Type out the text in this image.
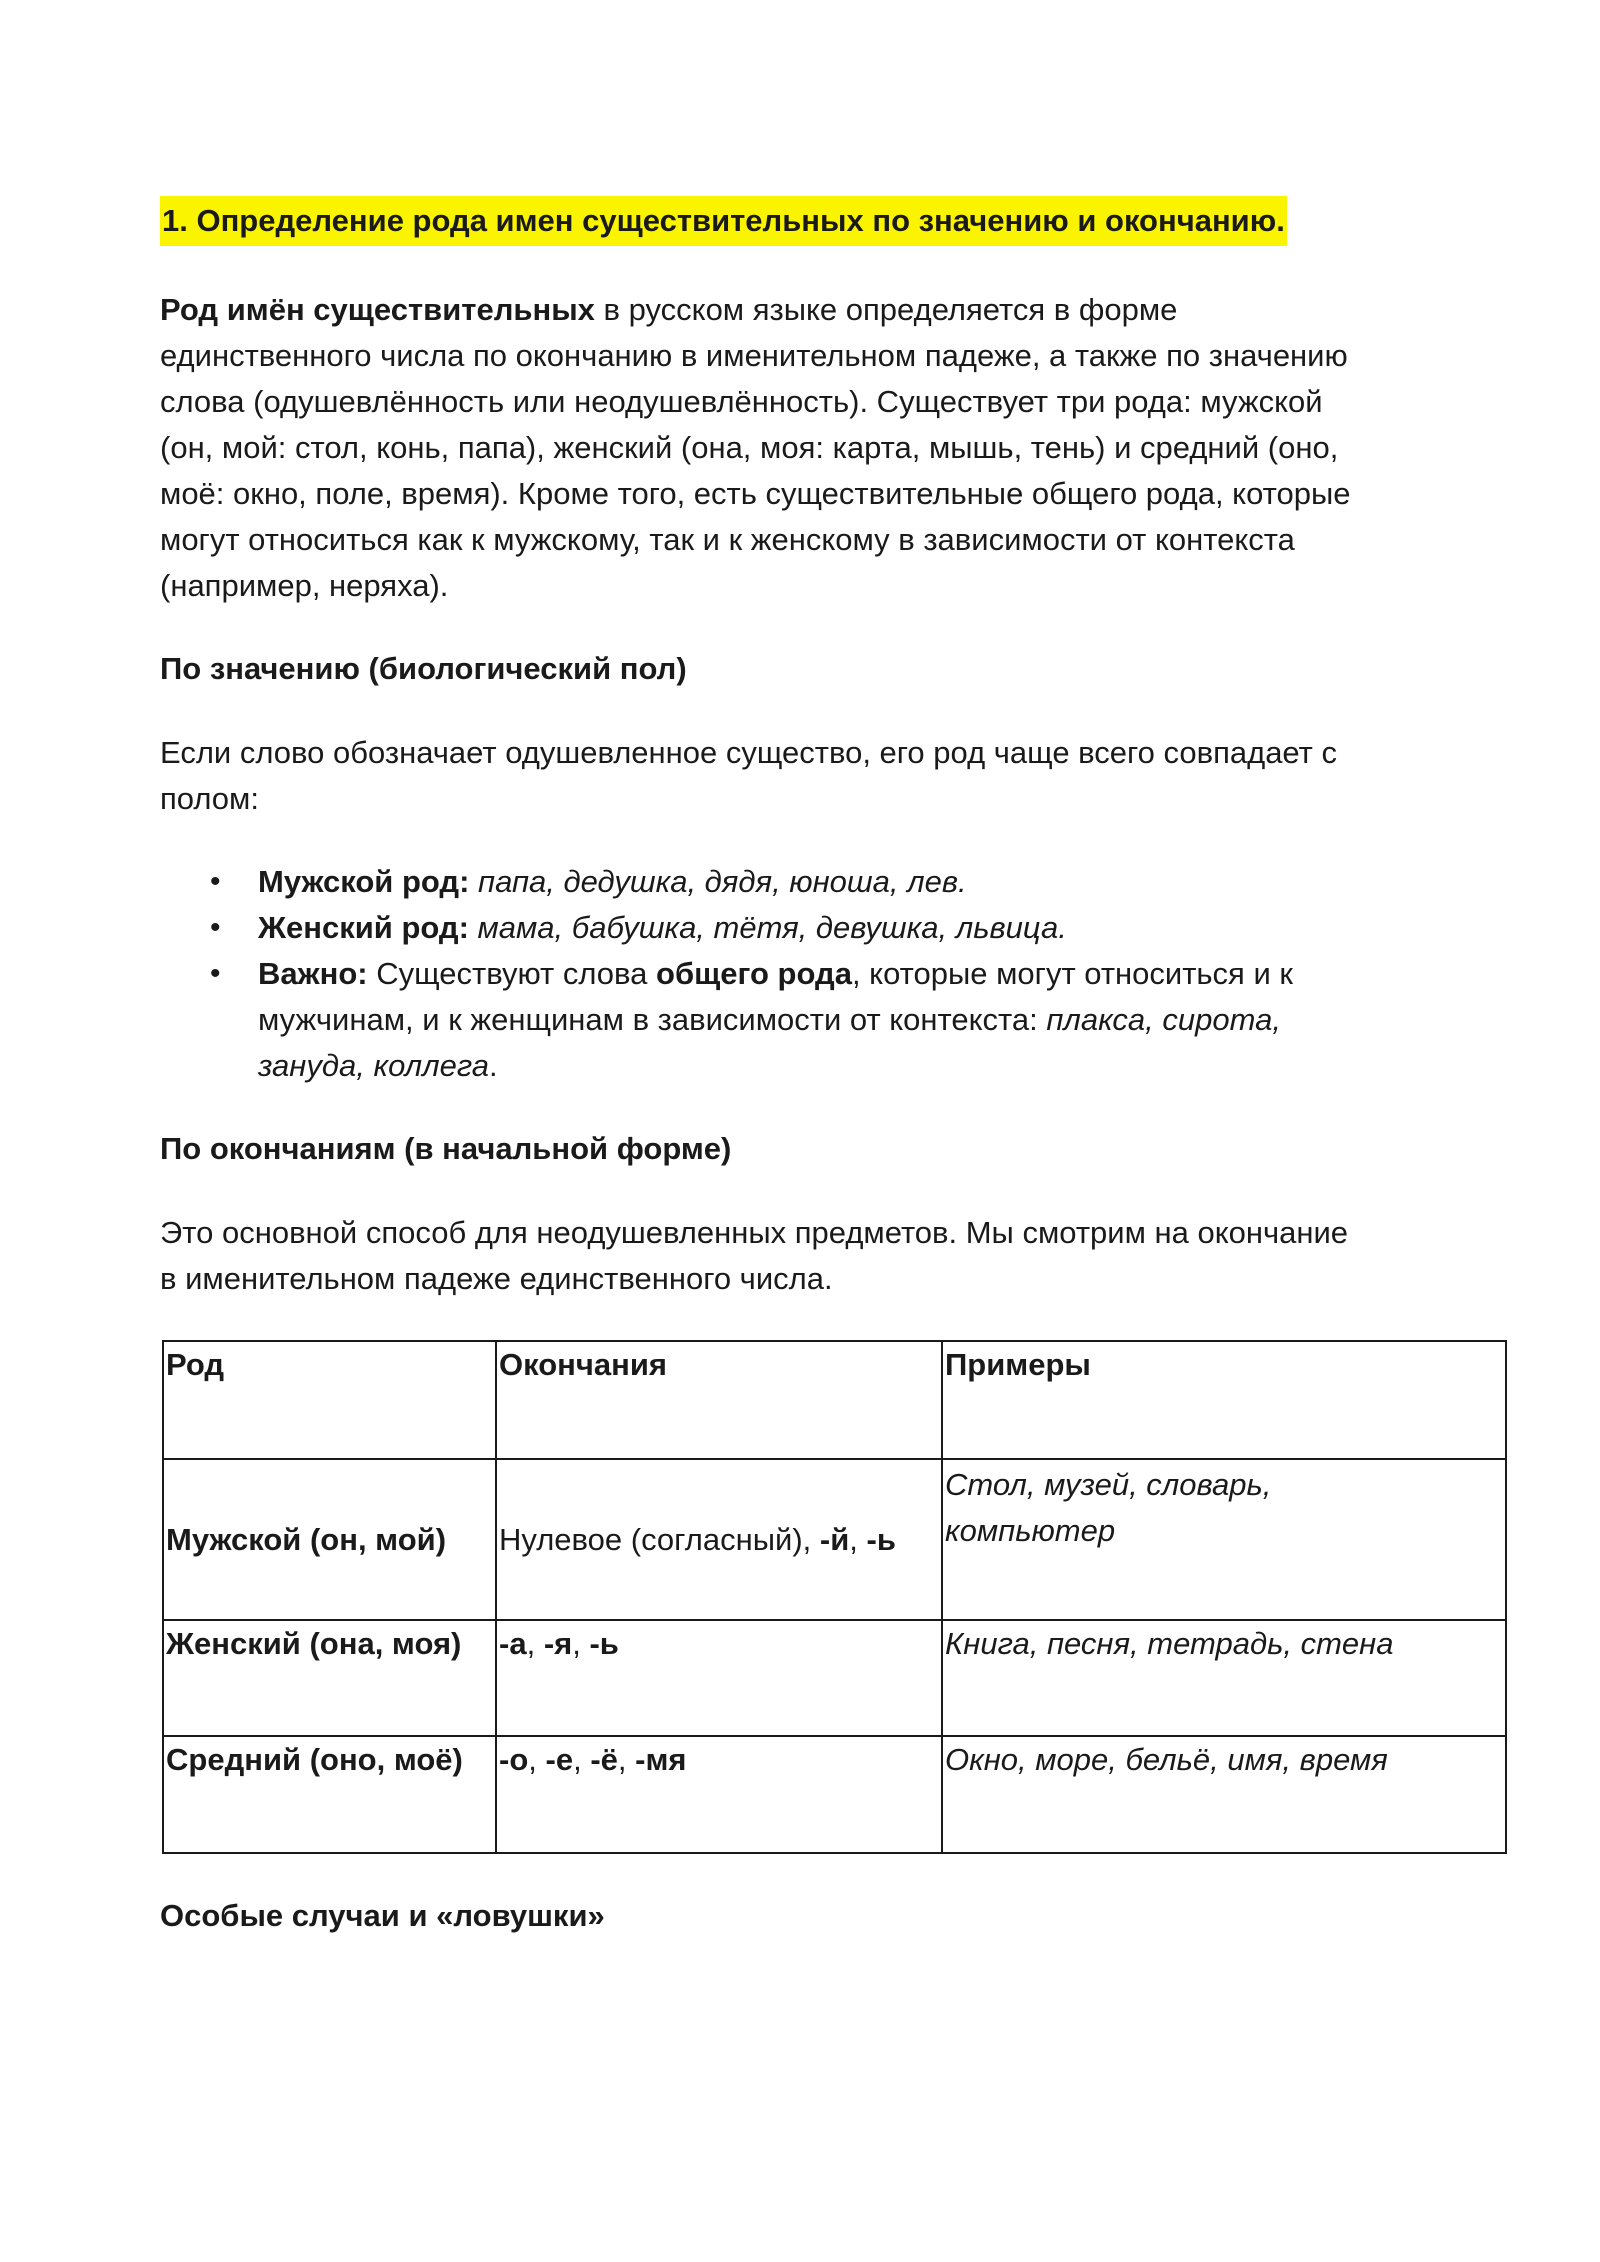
1. Определение рода имен существительных по значению и окончанию.
Род имён существительных в русском языке определяется в форме
единственного числа по окончанию в именительном падеже, а также по значению
слова (одушевлённость или неодушевлённость). Существует три рода: мужской
(он, мой: стол, конь, папа), женский (она, моя: карта, мышь, тень) и средний (оно,
моё: окно, поле, время). Кроме того, есть существительные общего рода, которые
могут относиться как к мужскому, так и к женскому в зависимости от контекста
(например, неряха).
По значению (биологический пол)
Если слово обозначает одушевленное существо, его род чаще всего совпадает с
полом:
• Мужской род: папа, дедушка, дядя, юноша, лев.
• Женский род: мама, бабушка, тётя, девушка, львица.
• Важно: Существуют слова общего рода, которые могут относиться и к
мужчинам, и к женщинам в зависимости от контекста: плакса, сирота,
зануда, коллега.
По окончаниям (в начальной форме)
Это основной способ для неодушевленных предметов. Мы смотрим на окончание
в именительном падеже единственного числа.
Род	Окончания	Примеры
Мужской (он, мой)	Нулевое (согласный), -й, -ь	Стол, музей, словарь,
компьютер

Женский (она, моя)	-а, -я, -ь	Книга, песня, тетрадь, стена
Средний (оно, моё)	-о, -е, -ё, -мя	Окно, море, бельё, имя, время
Особые случаи и «ловушки»
